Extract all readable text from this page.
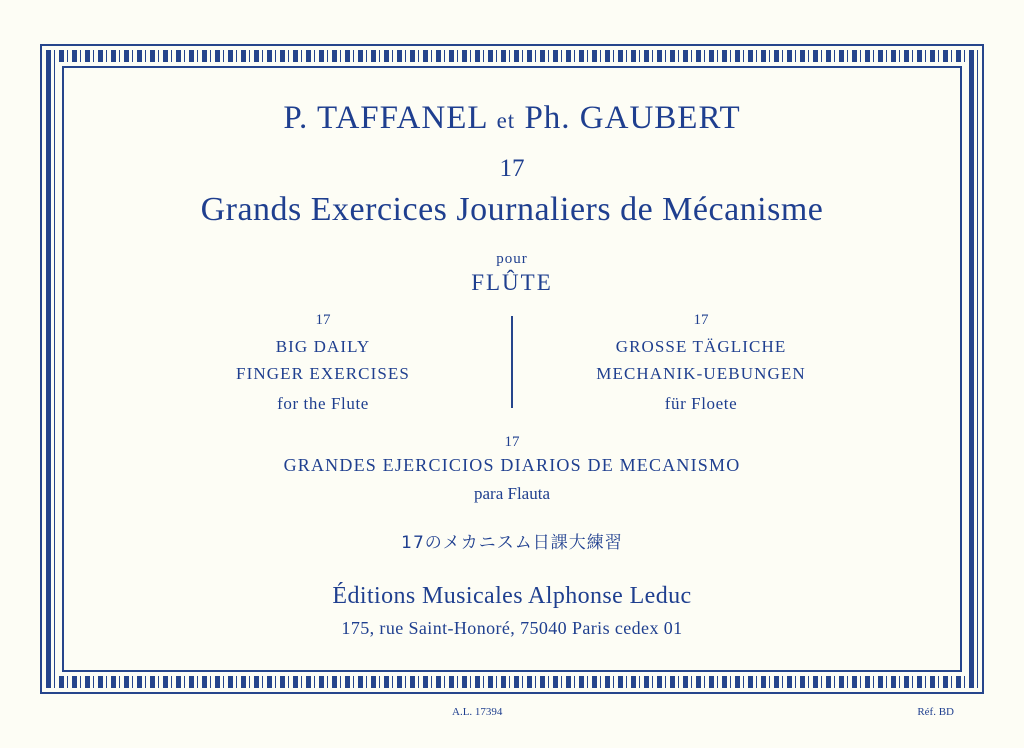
P. TAFFANEL et Ph. GAUBERT
17
Grands Exercices Journaliers de Mécanisme
pour
FLÛTE
17
BIG DAILY
FINGER EXERCISES
for the Flute
17
GROSSE TÄGLICHE
MECHANIK-UEBUNGEN
für Floete
17
GRANDES EJERCICIOS DIARIOS DE MECANISMO
para Flauta
17のメカニスム日課大練習
Éditions Musicales Alphonse Leduc
175, rue Saint-Honoré, 75040 Paris cedex 01
A.L. 17394	Réf. BD
